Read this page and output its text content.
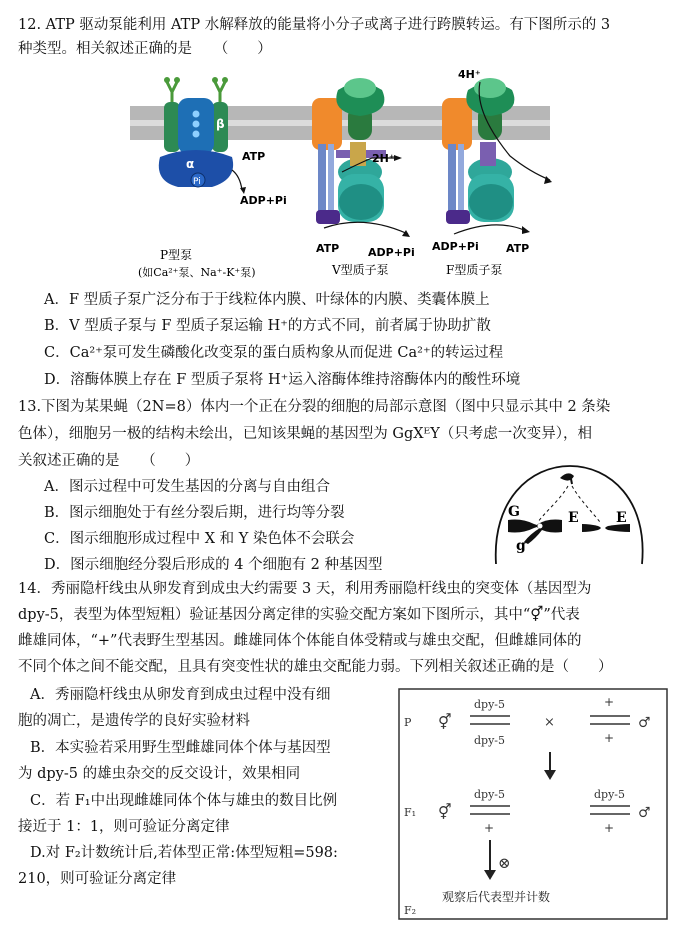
12. ATP 驱动泵能利用 ATP 水解释放的能量将小分子或离子进行跨膜转运。有下图所示的 3
种类型。相关叙述正确的是　　（　　）
β
α
Pi
ATP
ADP+Pi
P型泵
(如Ca²⁺泵、Na⁺-K⁺泵)
2H⁺
ATP	ADP+Pi
V型质子泵
4H⁺
ADP+Pi ATP
F型质子泵
A．F 型质子泵广泛分布于于线粒体内膜、叶绿体的内膜、类囊体膜上
B．V 型质子泵与 F 型质子泵运输 H⁺的方式不同，前者属于协助扩散
C．Ca²⁺泵可发生磷酸化改变泵的蛋白质构象从而促进 Ca²⁺的转运过程
D．溶酶体膜上存在 F 型质子泵将 H⁺运入溶酶体维持溶酶体内的酸性环境
13.下图为某果蝇（2N=8）体内一个正在分裂的细胞的局部示意图（图中只显示其中 2 条染
色体），细胞另一极的结构未绘出，已知该果蝇的基因型为 GgXᴱY（只考虑一次变异），相
关叙述正确的是　　（　　）
A．图示过程中可发生基因的分离与自由组合
B．图示细胞处于有丝分裂后期，进行均等分裂
C．图示细胞形成过程中 X 和 Y 染色体不会联会
D．图示细胞经分裂后形成的 4 个细胞有 2 种基因型
G
g
E	E
14．秀丽隐杆线虫从卵发育到成虫大约需要 3 天，利用秀丽隐杆线虫的突变体（基因型为
dpy-5，表型为体型短粗）验证基因分离定律的实验交配方案如下图所示，其中“⚥”代表
雌雄同体，“+”代表野生型基因。雌雄同体个体能自体受精或与雄虫交配，但雌雄同体的
不同个体之间不能交配，且具有突变性状的雄虫交配能力弱。下列相关叙述正确的是（　　）
A．秀丽隐杆线虫从卵发育到成虫过程中没有细
胞的凋亡，是遗传学的良好实验材料
B．本实验若采用野生型雌雄同体个体与基因型
为 dpy-5 的雄虫杂交的反交设计，效果相同
C．若 F₁中出现雌雄同体个体与雄虫的数目比例
接近于 1：1，则可验证分离定律
D.对 F₂计数统计后,若体型正常:体型短粗=598:
210，则可验证分离定律
P ⚥
dpy-5
dpy-5
×
+
+
♂
F₁ ⚥
dpy-5
+
dpy-5
+
♂
⊗
观察后代表型并计数
F₂
